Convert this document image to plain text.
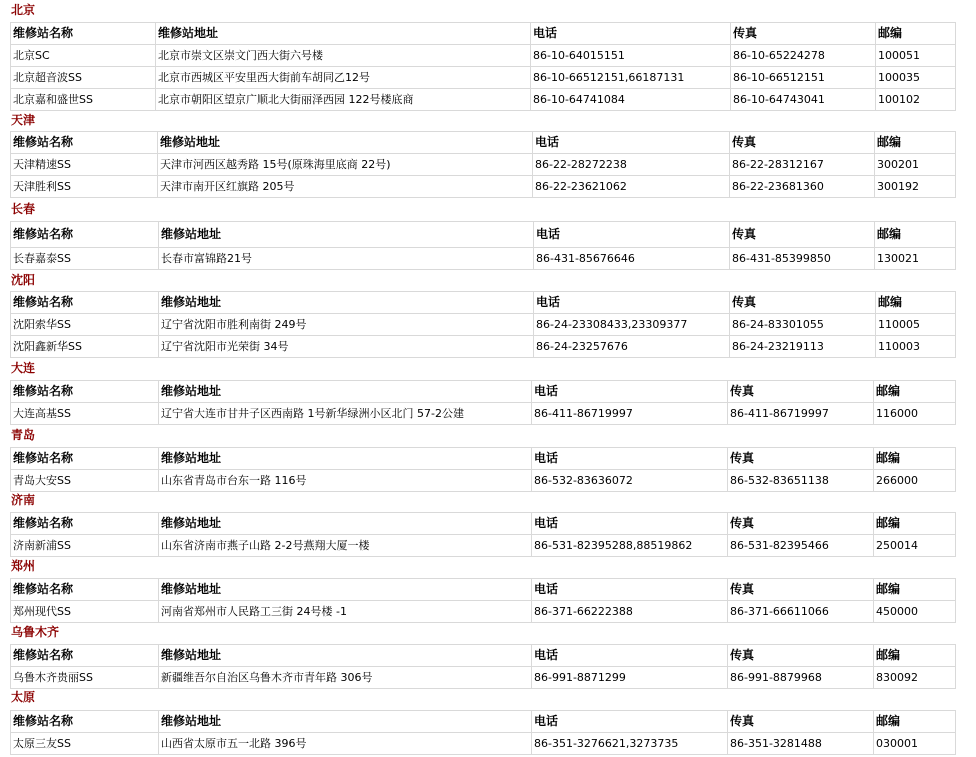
北京
维修站名称	维修站地址	电话	传真	邮编
北京SC	北京市崇文区崇文门西大街六号楼	86-10-64015151	86-10-65224278	100051
北京超音波SS	北京市西城区平安里西大街前车胡同乙12号	86-10-66512151,66187131	86-10-66512151	100035
北京嘉和盛世SS	北京市朝阳区望京广顺北大街丽泽西园 122号楼底商	86-10-64741084	86-10-64743041	100102
天津
维修站名称	维修站地址	电话	传真	邮编
天津精速SS	天津市河西区越秀路 15号(原珠海里底商 22号)	86-22-28272238	86-22-28312167	300201
天津胜利SS	天津市南开区红旗路 205号	86-22-23621062	86-22-23681360	300192
长春
维修站名称	维修站地址	电话	传真	邮编
长春嘉泰SS	长春市富锦路21号	86-431-85676646	86-431-85399850	130021
沈阳
维修站名称	维修站地址	电话	传真	邮编
沈阳索华SS	辽宁省沈阳市胜利南街 249号	86-24-23308433,23309377	86-24-83301055	110005
沈阳鑫新华SS	辽宁省沈阳市光荣街 34号	86-24-23257676	86-24-23219113	110003
大连
维修站名称	维修站地址	电话	传真	邮编
大连高基SS	辽宁省大连市甘井子区西南路 1号新华绿洲小区北门 57-2公建	86-411-86719997	86-411-86719997	116000
青岛
维修站名称	维修站地址	电话	传真	邮编
青岛大安SS	山东省青岛市台东一路 116号	86-532-83636072	86-532-83651138	266000
济南
维修站名称	维修站地址	电话	传真	邮编
济南新浦SS	山东省济南市燕子山路 2-2号燕翔大厦一楼	86-531-82395288,88519862	86-531-82395466	250014
郑州
维修站名称	维修站地址	电话	传真	邮编
郑州现代SS	河南省郑州市人民路工三街 24号楼 -1	86-371-66222388	86-371-66611066	450000
乌鲁木齐
维修站名称	维修站地址	电话	传真	邮编
乌鲁木齐贵丽SS	新疆维吾尔自治区乌鲁木齐市青年路 306号	86-991-8871299	86-991-8879968	830092
太原
维修站名称	维修站地址	电话	传真	邮编
太原三友SS	山西省太原市五一北路 396号	86-351-3276621,3273735	86-351-3281488	030001
